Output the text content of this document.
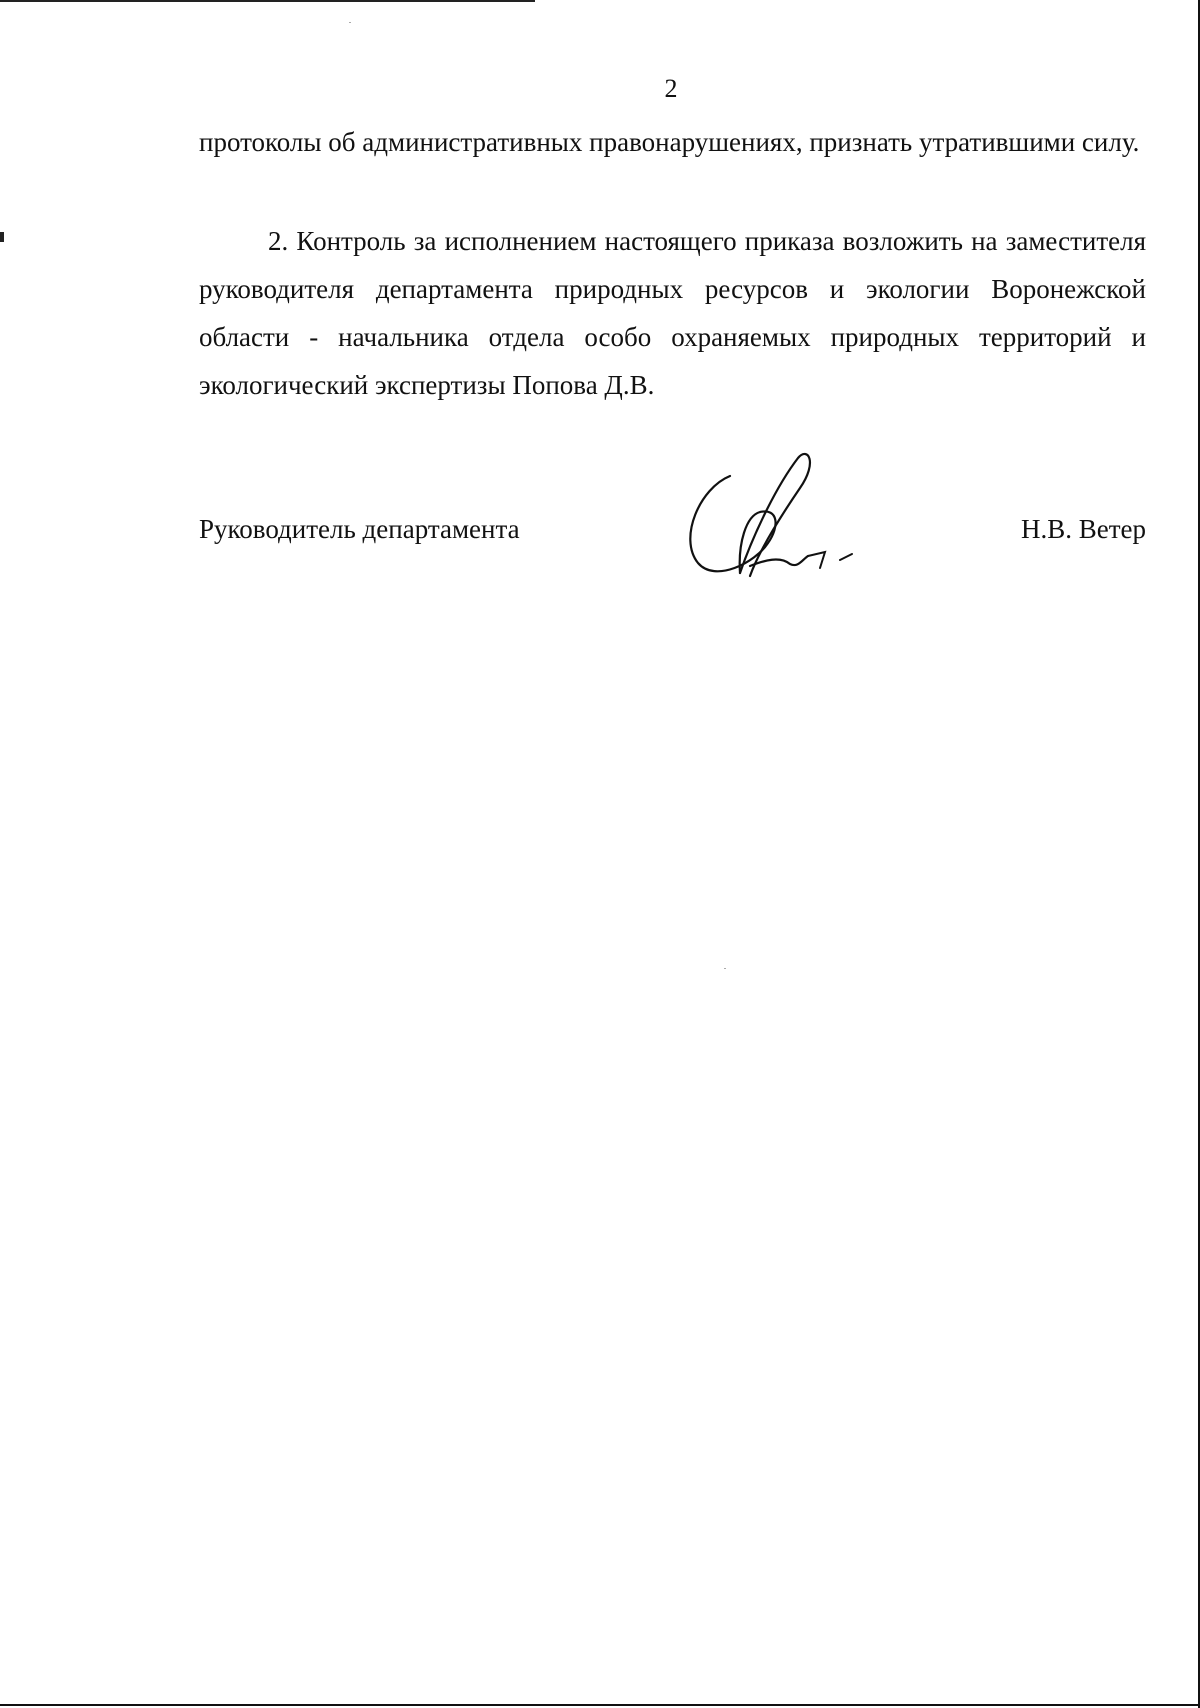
2
протоколы об административных правонарушениях, признать утратившими силу.
2. Контроль за исполнением настоящего приказа возложить на заместителя руководителя департамента природных ресурсов и экологии Воронежской области - начальника отдела особо охраняемых природных территорий и экологический экспертизы Попова Д.В.
Руководитель департамента	Н.В. Ветер
